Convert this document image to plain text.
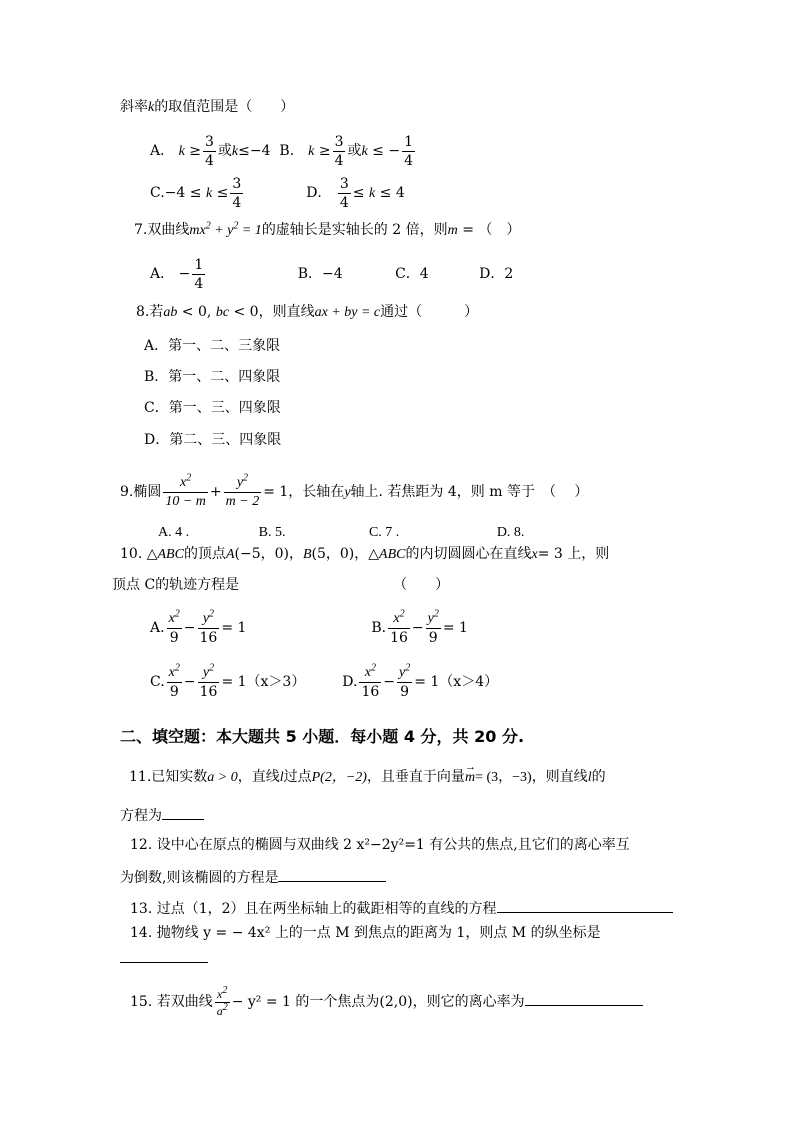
斜率k的取值范围是（　　）
A． $k \ge \frac{3}{4}$ 或k≤−4 B． $k \ge \frac{3}{4}$ 或k ≤ − $\frac{1}{4}$
$C.-4 \le k \le \frac{3}{4}$	D． $\frac{3}{4} \le k \le 4$
7.双曲线$mx^2 + y^2 = 1$的虚轴长是实轴长的 2 倍，则m = （　）
A． − $\frac{1}{4}$	B．−4	C．4	D．2
8.若ab < 0, bc < 0，则直线ax + by = c通过（　　　）
A．第一、二、三象限
B．第一、二、四象限
C．第一、三、四象限
D．第二、三、四象限
9.椭圆 $\frac{x^2}{10 - m} + \frac{y^2}{m - 2} = 1$，长轴在y轴上. 若焦距为 4，则 m 等于　（　 ）
A. 4 .	B. 5.	C. 7 .	D. 8.
10. △ABC的顶点A(−5，0)，B(5，0)，△ABC的内切圆圆心在直线x= 3 上，则
顶点 C的轨迹方程是	（　　）
A. $\frac{x^2}{9} - \frac{y^2}{16} = 1$	B. $\frac{x^2}{16} - \frac{y^2}{9} = 1$
C. $\frac{x^2}{9} - \frac{y^2}{16} = 1(x>3)$	D. $\frac{x^2}{16} - \frac{y^2}{9} = 1(x>4)$
二、填空题：本大题共 5 小题．每小题 4 分，共 20 分.
11.已知实数a > 0，直线l过点P(2，−2)，且垂直于向量m
→
= (3，−3)，则直线l的
方程为
12. 设中心在原点的椭圆与双曲线 2 x²−2y²=1 有公共的焦点,且它们的离心率互
为倒数,则该椭圆的方程是
13. 过点（1，2）且在两坐标轴上的截距相等的直线的方程
14. 抛物线 y = − 4x² 上的一点 M 到焦点的距离为 1，则点 M 的纵坐标是
15. 若双曲线 $\frac{x^2}{a^2} - y^2 = 1$ 的一个焦点为(2,0)，则它的离心率为
